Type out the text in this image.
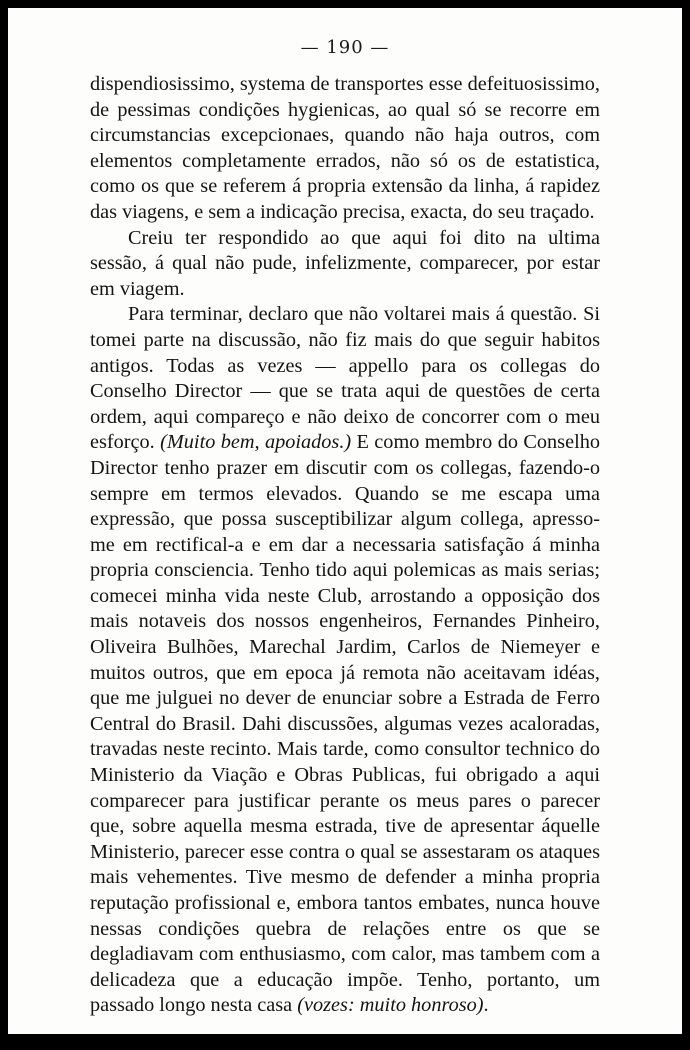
— 190 —

dispendiosissimo, systema de transportes esse defeituosissimo, de pessimas condições hygienicas, ao qual só se recorre em circumstancias excepcionaes, quando não haja outros, com elementos completamente errados, não só os de estatistica, como os que se referem á propria extensão da linha, á rapidez das viagens, e sem a indicação precisa, exacta, do seu traçado.

Creiu ter respondido ao que aqui foi dito na ultima sessão, á qual não pude, infelizmente, comparecer, por estar em viagem.

Para terminar, declaro que não voltarei mais á questão. Si tomei parte na discussão, não fiz mais do que seguir habitos antigos. Todas as vezes — appello para os collegas do Conselho Director — que se trata aqui de questões de certa ordem, aqui compareço e não deixo de concorrer com o meu esforço. (Muito bem, apoiados.) E como membro do Conselho Director tenho prazer em discutir com os collegas, fazendo-o sempre em termos elevados. Quando se me escapa uma expressão, que possa susceptibilizar algum collega, apresso-me em rectifical-a e em dar a necessaria satisfação á minha propria consciencia. Tenho tido aqui polemicas as mais serias; comecei minha vida neste Club, arrostando a opposição dos mais notaveis dos nossos engenheiros, Fernandes Pinheiro, Oliveira Bulhões, Marechal Jardim, Carlos de Niemeyer e muitos outros, que em epoca já remota não aceitavam idéas, que me julguei no dever de enunciar sobre a Estrada de Ferro Central do Brasil. Dahi discussões, algumas vezes acaloradas, travadas neste recinto. Mais tarde, como consultor technico do Ministerio da Viação e Obras Publicas, fui obrigado a aqui comparecer para justificar perante os meus pares o parecer que, sobre aquella mesma estrada, tive de apresentar áquelle Ministerio, parecer esse contra o qual se assestaram os ataques mais vehementes. Tive mesmo de defender a minha propria reputação profissional e, embora tantos embates, nunca houve nessas condições quebra de relações entre os que se degladiavam com enthusiasmo, com calor, mas tambem com a delicadeza que a educação impõe. Tenho, portanto, um passado longo nesta casa (vozes: muito honroso).
